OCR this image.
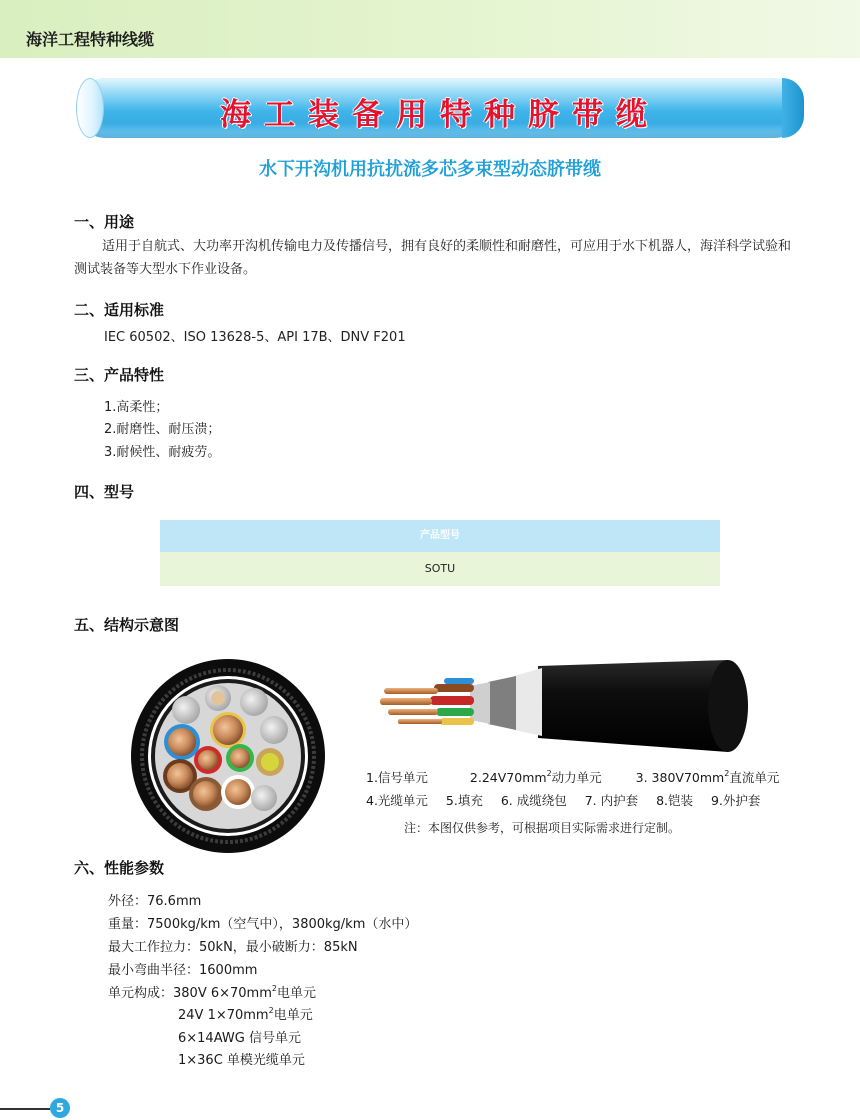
海洋工程特种线缆
海工装备用特种脐带缆
水下开沟机用抗扰流多芯多束型动态脐带缆
一、用途
适用于自航式、大功率开沟机传输电力及传播信号，拥有良好的柔顺性和耐磨性，可应用于水下机器人，海洋科学试验和测试装备等大型水下作业设备。
二、适用标准
IEC 60502、ISO 13628-5、API 17B、DNV F201
三、产品特性
1.高柔性；
2.耐磨性、耐压溃；
3.耐候性、耐疲劳。
四、型号
产品型号
SOTU
五、结构示意图
1.信号单元	$2.24V70mm^2$动力单元	3. $380V70mm^2$直流单元
4.光缆单元 5.填充 6. 成缆绕包 7. 内护套 8.铠装 9.外护套
注：本图仅供参考，可根据项目实际需求进行定制。
六、性能参数
外径：76.6mm
重量：7500kg/km（空气中），3800kg/km（水中）
最大工作拉力：50kN，最小破断力：85kN
最小弯曲半径：1600mm
单元构成：380V $6\times 70mm^2$电单元
24V $1\times 70mm^2$电单元
6×14AWG 信号单元
1×36C 单模光缆单元
5
